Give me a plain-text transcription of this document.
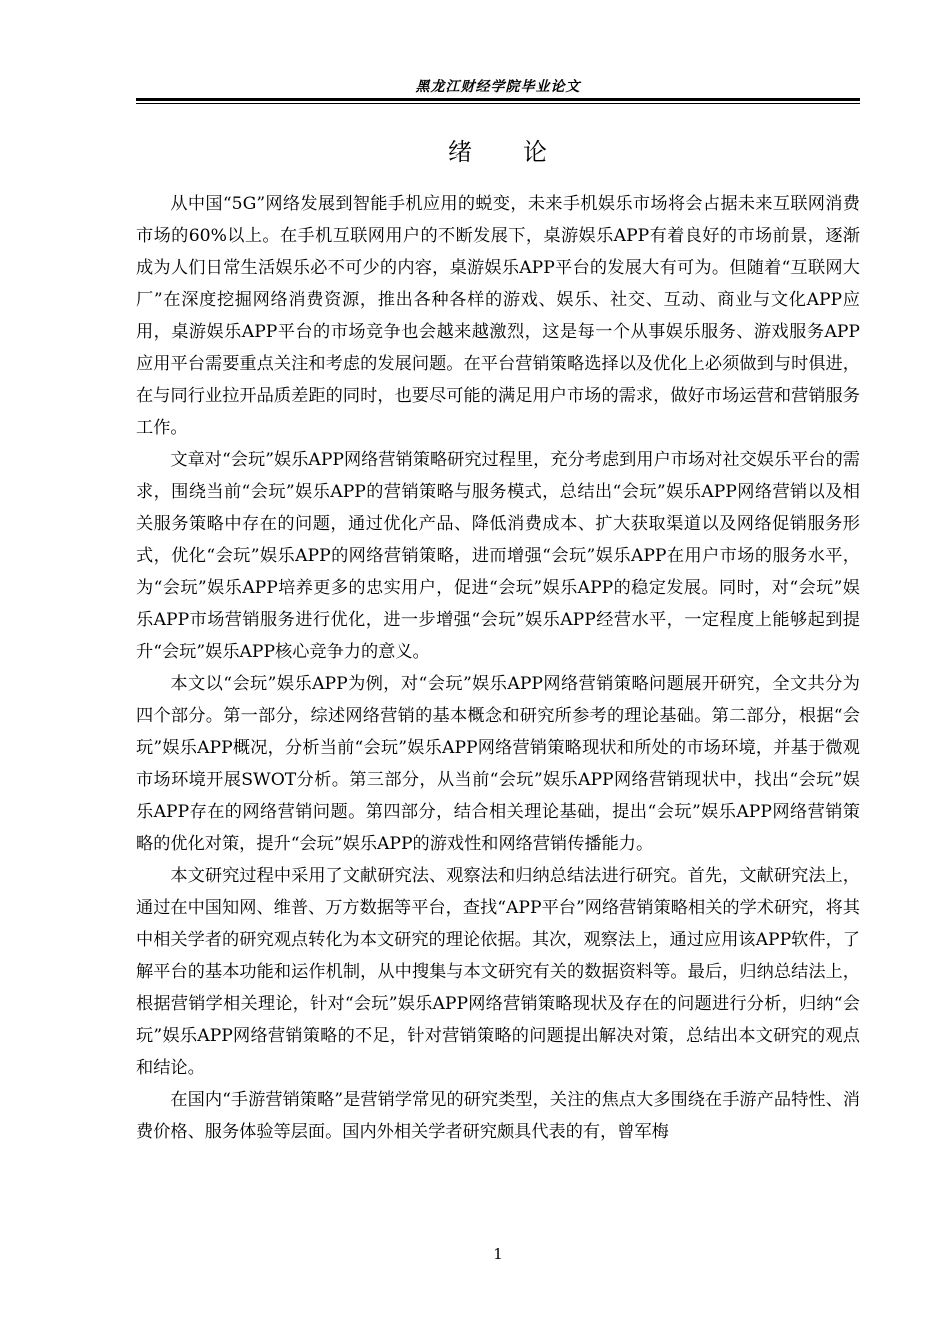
黑龙江财经学院毕业论文
绪　　论

从中国“5G”网络发展到智能手机应用的蜕变，未来手机娱乐市场将会占据未来互联网消费市场的60%以上。在手机互联网用户的不断发展下，桌游娱乐APP有着良好的市场前景，逐渐成为人们日常生活娱乐必不可少的内容，桌游娱乐APP平台的发展大有可为。但随着“互联网大厂”在深度挖掘网络消费资源，推出各种各样的游戏、娱乐、社交、互动、商业与文化APP应用，桌游娱乐APP平台的市场竞争也会越来越激烈，这是每一个从事娱乐服务、游戏服务APP应用平台需要重点关注和考虑的发展问题。在平台营销策略选择以及优化上必须做到与时俱进，在与同行业拉开品质差距的同时，也要尽可能的满足用户市场的需求，做好市场运营和营销服务工作。

文章对“会玩”娱乐APP网络营销策略研究过程里，充分考虑到用户市场对社交娱乐平台的需求，围绕当前“会玩”娱乐APP的营销策略与服务模式，总结出“会玩”娱乐APP网络营销以及相关服务策略中存在的问题，通过优化产品、降低消费成本、扩大获取渠道以及网络促销服务形式，优化“会玩”娱乐APP的网络营销策略，进而增强“会玩”娱乐APP在用户市场的服务水平，为“会玩”娱乐APP培养更多的忠实用户，促进“会玩”娱乐APP的稳定发展。同时，对“会玩”娱乐APP市场营销服务进行优化，进一步增强“会玩”娱乐APP经营水平，一定程度上能够起到提升“会玩”娱乐APP核心竞争力的意义。

本文以“会玩”娱乐APP为例，对“会玩”娱乐APP网络营销策略问题展开研究，全文共分为四个部分。第一部分，综述网络营销的基本概念和研究所参考的理论基础。第二部分，根据“会玩”娱乐APP概况，分析当前“会玩”娱乐APP网络营销策略现状和所处的市场环境，并基于微观市场环境开展SWOT分析。第三部分，从当前“会玩”娱乐APP网络营销现状中，找出“会玩”娱乐APP存在的网络营销问题。第四部分，结合相关理论基础，提出“会玩”娱乐APP网络营销策略的优化对策，提升“会玩”娱乐APP的游戏性和网络营销传播能力。

本文研究过程中采用了文献研究法、观察法和归纳总结法进行研究。首先，文献研究法上，通过在中国知网、维普、万方数据等平台，查找“APP平台”网络营销策略相关的学术研究，将其中相关学者的研究观点转化为本文研究的理论依据。其次，观察法上，通过应用该APP软件，了解平台的基本功能和运作机制，从中搜集与本文研究有关的数据资料等。最后，归纳总结法上，根据营销学相关理论，针对“会玩”娱乐APP网络营销策略现状及存在的问题进行分析，归纳“会玩”娱乐APP网络营销策略的不足，针对营销策略的问题提出解决对策，总结出本文研究的观点和结论。

在国内“手游营销策略”是营销学常见的研究类型，关注的焦点大多围绕在手游产品特性、消费价格、服务体验等层面。国内外相关学者研究颇具代表的有，曾军梅

1
